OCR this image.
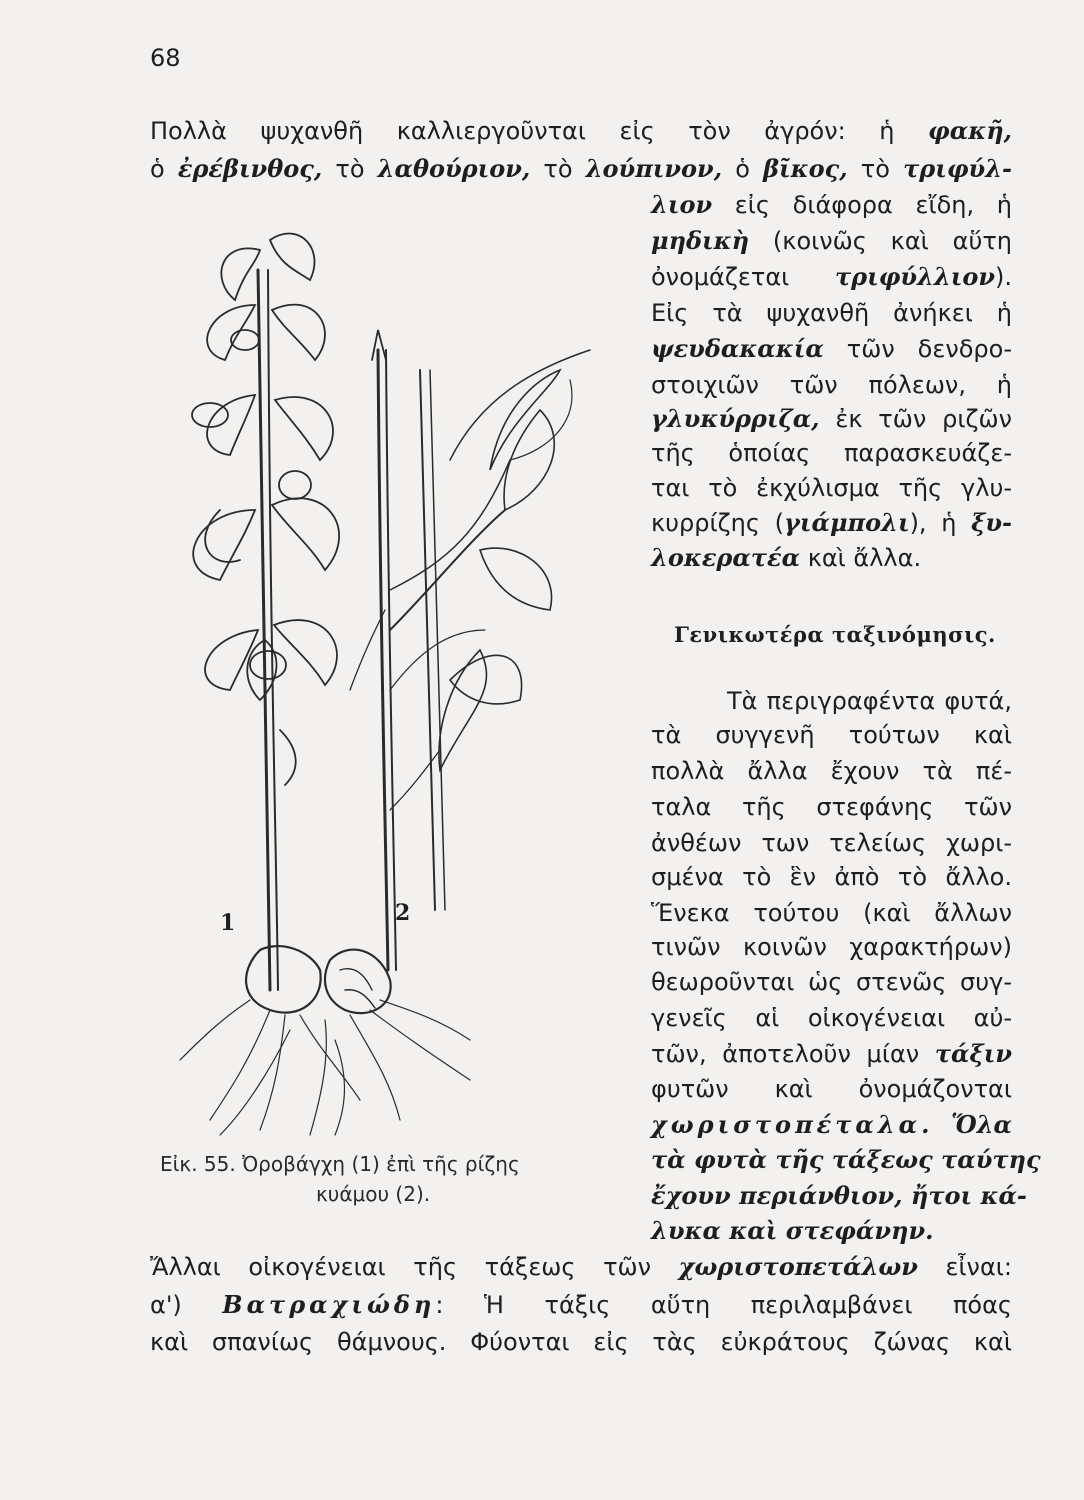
68
Πολλὰ ψυχανθῆ καλλιεργοῦνται εἰς τὸν ἀγρόν: ἡ φακῆ,
ὁ ἐρέβινθος, τὸ λαθούριον, τὸ λούπινον, ὁ βῖκος, τὸ τριφύλ-
λιον εἰς διάφορα εἴδη, ἡ
μηδικὴ (κοινῶς καὶ αὕτη
ὀνομάζεται τριφύλλιον).
Εἰς τὰ ψυχανθῆ ἀνήκει ἡ
ψευδακακία τῶν δενδρο-
στοιχιῶν τῶν πόλεων, ἡ
γλυκύρριζα, ἐκ τῶν ριζῶν
τῆς ὁποίας παρασκευάζε-
ται τὸ ἐκχύλισμα τῆς γλυ-
κυρρίζης (γιάμπολι), ἡ ξυ-
λοκερατέα καὶ ἄλλα.
Γενικωτέρα ταξινόμησις.
Τὰ περιγραφέντα φυτά,
τὰ συγγενῆ τούτων καὶ
πολλὰ ἄλλα ἔχουν τὰ πέ-
ταλα τῆς στεφάνης τῶν
ἀνθέων των τελείως χωρι-
σμένα τὸ ἓν ἀπὸ τὸ ἄλλο.
Ἕνεκα τούτου (καὶ ἄλλων
τινῶν κοινῶν χαρακτήρων)
θεωροῦνται ὡς στενῶς συγ-
γενεῖς αἱ οἰκογένειαι αὐ-
τῶν, ἀποτελοῦν μίαν τάξιν
φυτῶν καὶ ὀνομάζονται
χωριστοπέταλα. Ὅλα
τὰ φυτὰ τῆς τάξεως ταύτης
ἔχουν περιάνθιον, ἤτοι κά-
λυκα καὶ στεφάνην.
Ἄλλαι οἰκογένειαι τῆς τάξεως τῶν χωριστοπετάλων εἶναι:
α') Βατραχιώδη: Ἡ τάξις αὕτη περιλαμβάνει πόας
καὶ σπανίως θάμνους. Φύονται εἰς τὰς εὐκράτους ζώνας καὶ
1	2
Εἰκ. 55. Ὀροβάγχη (1) ἐπὶ τῆς ρίζης
κυάμου (2).
